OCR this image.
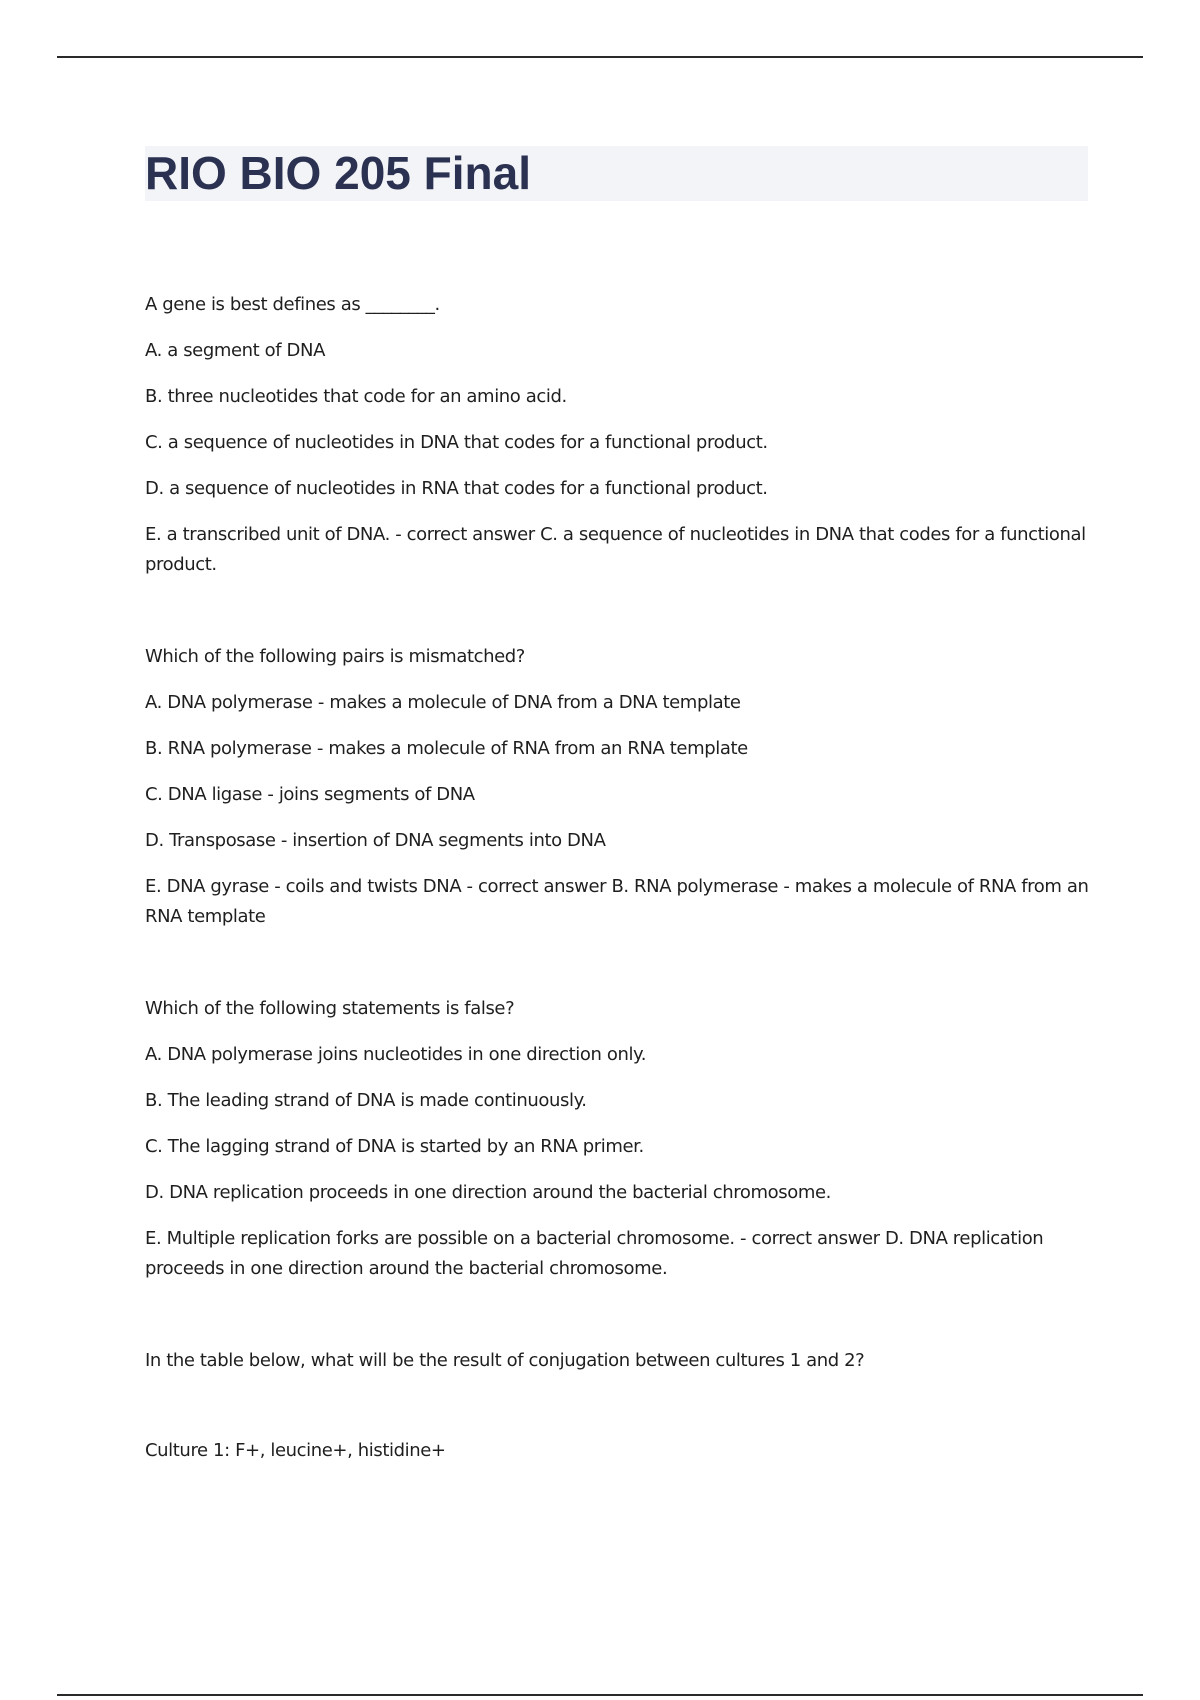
RIO BIO 205 Final

A gene is best defines as ________.

A. a segment of DNA

B. three nucleotides that code for an amino acid.

C. a sequence of nucleotides in DNA that codes for a functional product.

D. a sequence of nucleotides in RNA that codes for a functional product.

E. a transcribed unit of DNA. - correct answer C. a sequence of nucleotides in DNA that codes for a functional product.

Which of the following pairs is mismatched?

A. DNA polymerase - makes a molecule of DNA from a DNA template

B. RNA polymerase - makes a molecule of RNA from an RNA template

C. DNA ligase - joins segments of DNA

D. Transposase - insertion of DNA segments into DNA

E. DNA gyrase - coils and twists DNA - correct answer B. RNA polymerase - makes a molecule of RNA from an RNA template

Which of the following statements is false?

A. DNA polymerase joins nucleotides in one direction only.

B. The leading strand of DNA is made continuously.

C. The lagging strand of DNA is started by an RNA primer.

D. DNA replication proceeds in one direction around the bacterial chromosome.

E. Multiple replication forks are possible on a bacterial chromosome. - correct answer D. DNA replication proceeds in one direction around the bacterial chromosome.

In the table below, what will be the result of conjugation between cultures 1 and 2?

Culture 1: F+, leucine+, histidine+
